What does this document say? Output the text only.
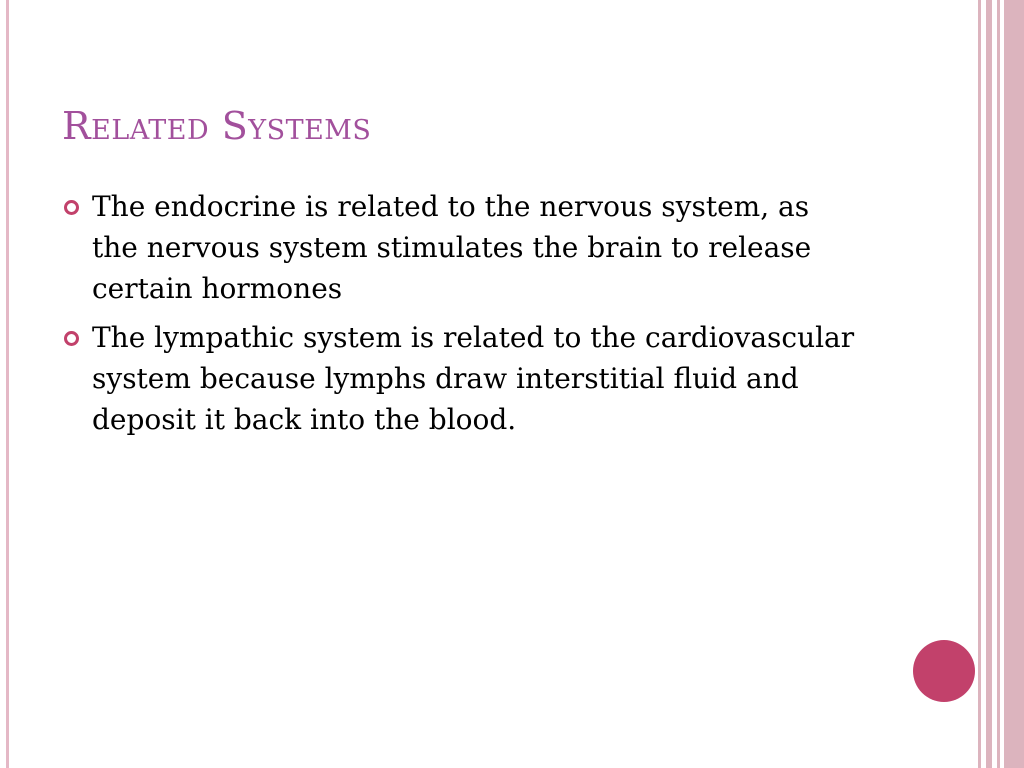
Related Systems
The endocrine is related to the nervous system, as the nervous system stimulates the brain to release certain hormones
The lympathic system is related to the cardiovascular system because lymphs draw interstitial fluid and deposit it back into the blood.
